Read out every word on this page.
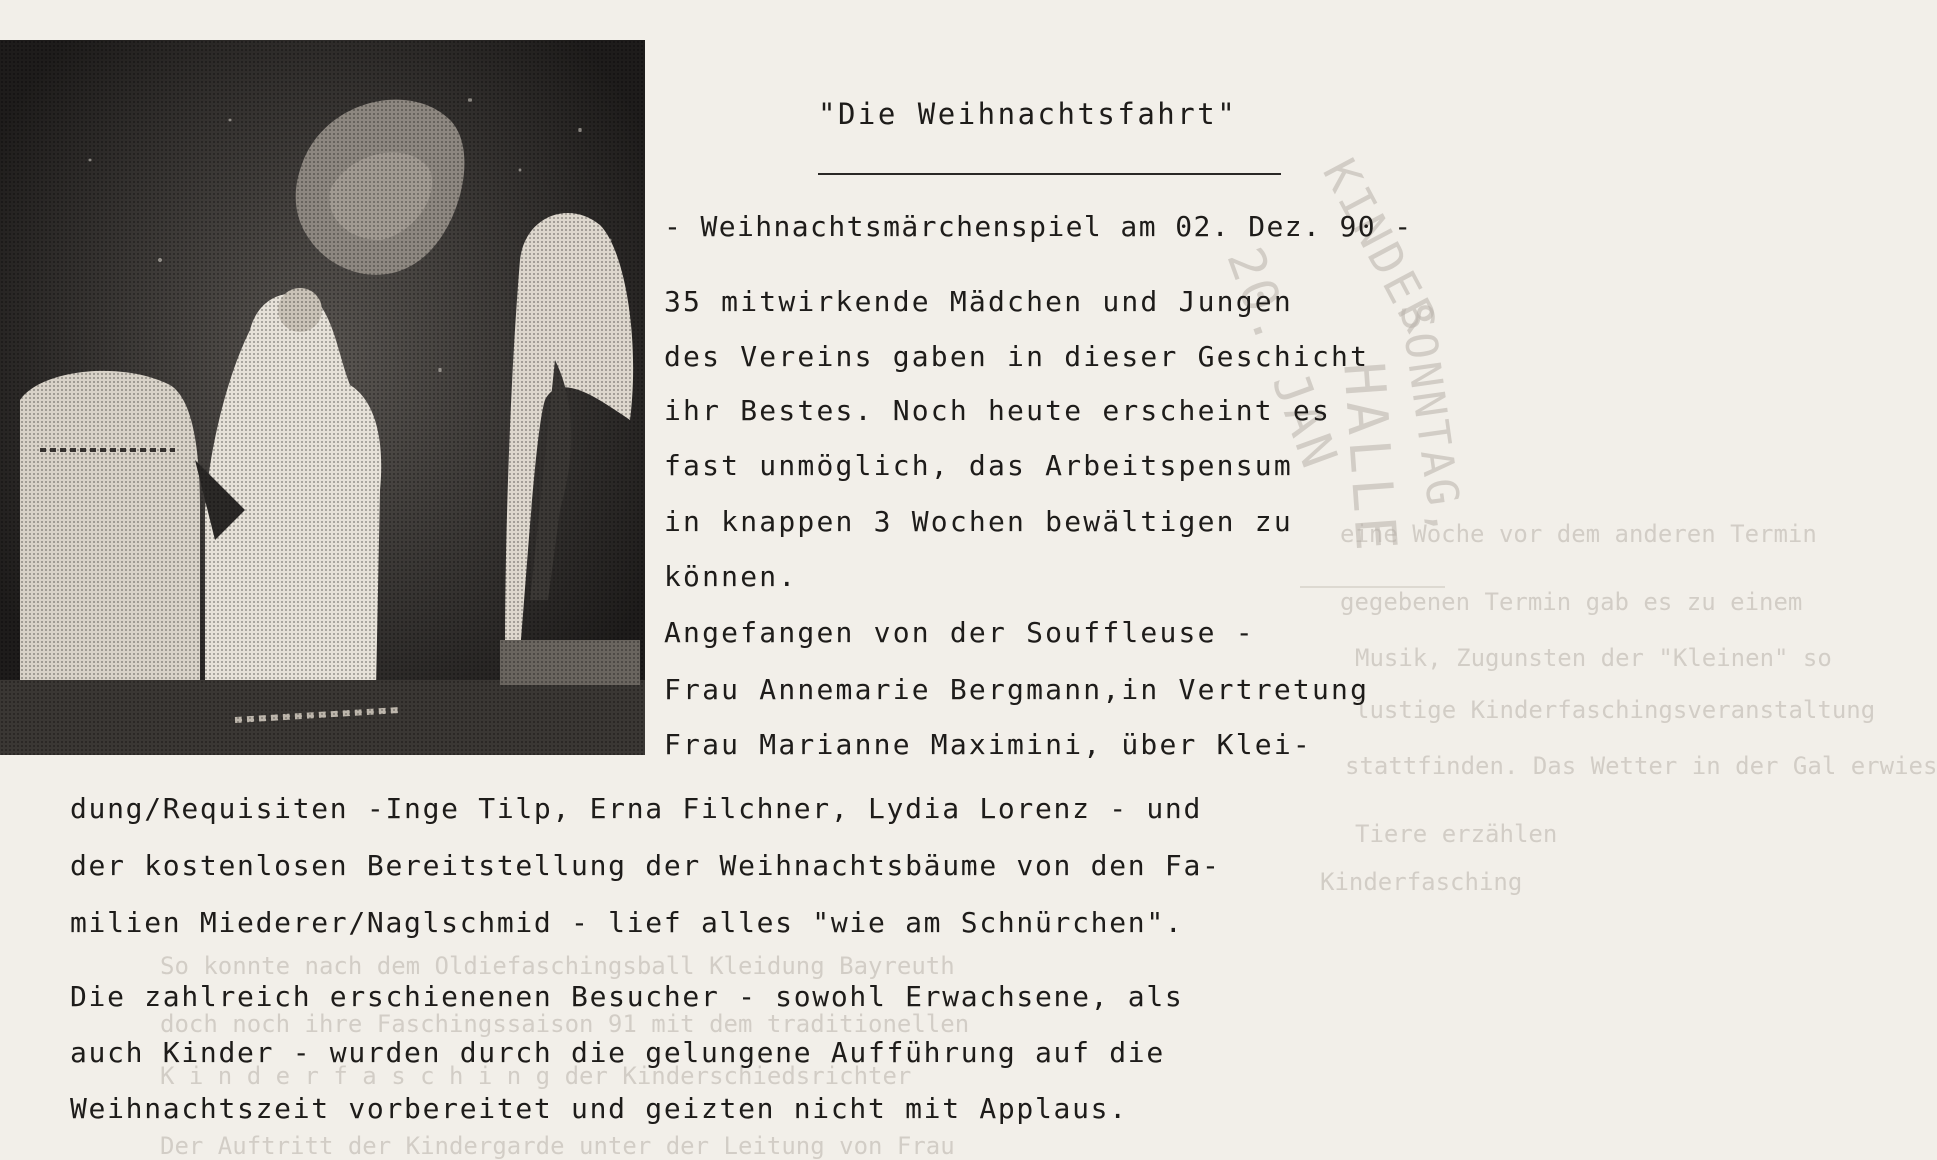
KINDER
20. JAN SONNTAG,
HALLE
eine Woche vor dem anderen Termin
gegebenen Termin gab es zu einem
Musik, Zugunsten der "Kleinen" so
lustige Kinderfaschingsveranstaltung
stattfinden. Das Wetter in der Gal erwies
Tiere erzählen
Kinderfasching
So konnte nach dem Oldiefaschingsball Kleidung Bayreuth
doch noch ihre Faschingssaison 91 mit dem traditionellen
K i n d e r f a s c h i n g der Kinderschiedsrichter
Der Auftritt der Kindergarde unter der Leitung von Frau
"Die Weihnachtsfahrt"
- Weihnachtsmärchenspiel am 02. Dez. 90 -
35 mitwirkende Mädchen und Jungen
des Vereins gaben in dieser Geschicht
ihr Bestes. Noch heute erscheint es
fast unmöglich, das Arbeitspensum
in knappen 3 Wochen bewältigen zu
können.
Angefangen von der Souffleuse -
Frau Annemarie Bergmann,in Vertretung
Frau Marianne Maximini, über Klei-
dung/Requisiten -Inge Tilp, Erna Filchner, Lydia Lorenz - und
der kostenlosen Bereitstellung der Weihnachtsbäume von den Fa-
milien Miederer/Naglschmid - lief alles "wie am Schnürchen".
Die zahlreich erschienenen Besucher - sowohl Erwachsene, als
auch Kinder - wurden durch die gelungene Aufführung auf die
Weihnachtszeit vorbereitet und geizten nicht mit Applaus.
